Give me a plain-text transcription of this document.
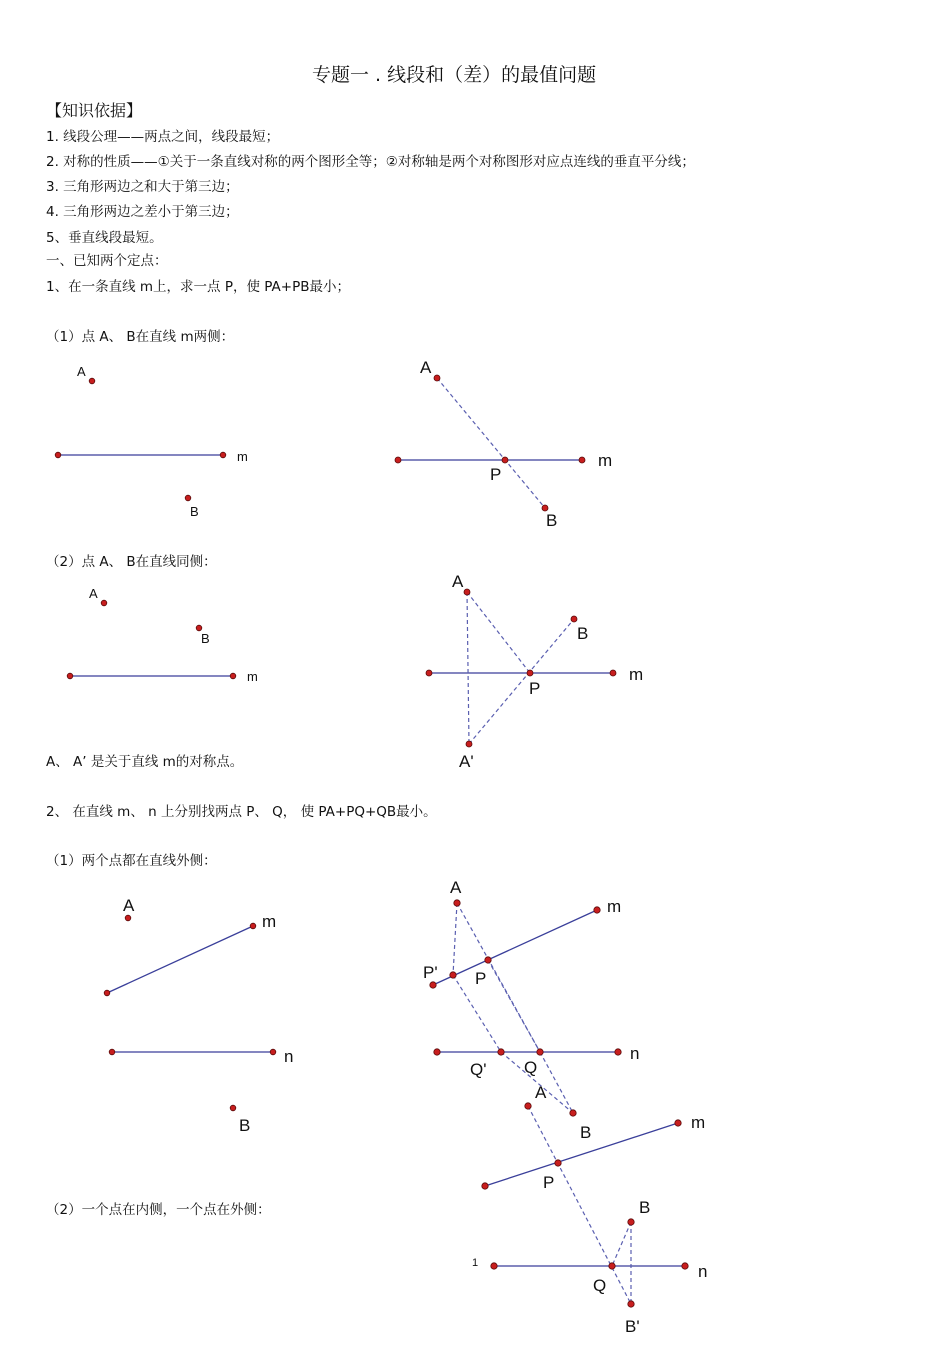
专题一 . 线段和（差）的最值问题
【知识依据】
1. 线段公理——两点之间，线段最短；
2. 对称的性质——①关于一条直线对称的两个图形全等；②对称轴是两个对称图形对应点连线的垂直平分线；
3. 三角形两边之和大于第三边；
4. 三角形两边之差小于第三边；
5、垂直线段最短。
一、已知两个定点：
1、在一条直线 m上，求一点 P，使 PA+PB最小；
（1）点 A、 B在直线 m两侧：
（2）点 A、 B在直线同侧：
A、 A’ 是关于直线 m的对称点。
2、 在直线 m、 n 上分别找两点 P、 Q， 使 PA+PQ+QB最小。
（1）两个点都在直线外侧：
（2）一个点在内侧，一个点在外侧：
A
B
m
A
B
P
m
A
B
m
A
B
P
m
A'
A
B
m
n
A
m
P' P
n
Q' Q
B
A
m
P
B
n
Q
B'
1
